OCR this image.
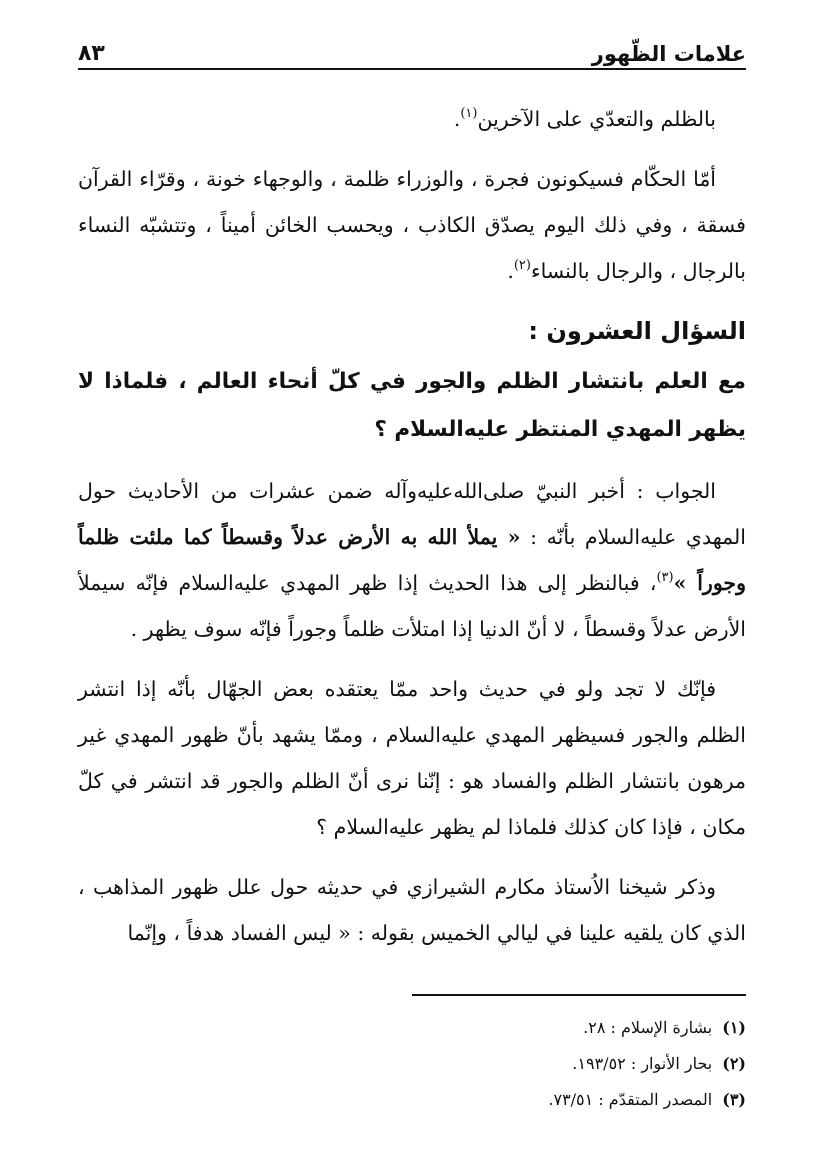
علامات الظّهور
٨٣

بالظلم والتعدّي على الآخرين$^{(١)}$.

أمّا الحكّام فسيكونون فجرة ، والوزراء ظلمة ، والوجهاء خونة ، وقرّاء القرآن فسقة ، وفي ذلك اليوم يصدّق الكاذب ، ويحسب الخائن أميناً ، وتتشبّه النساء بالرجال ، والرجال بالنساء$^{(٢)}$.

السؤال العشرون :

مع العلم بانتشار الظلم والجور في كلّ أنحاء العالم ، فلماذا لا يظهر المهدي المنتظر عليه‌السلام ؟

الجواب : أخبر النبيّ صلى‌الله‌عليه‌وآله ضمن عشرات من الأحاديث حول المهدي عليه‌السلام بأنّه : « يملأ الله به الأرض عدلاً وقسطاً كما ملئت ظلماً وجوراً »$^{(٣)}$، فبالنظر إلى هذا الحديث إذا ظهر المهدي عليه‌السلام فإنّه سيملأ الأرض عدلاً وقسطاً ، لا أنّ الدنيا إذا امتلأت ظلماً وجوراً فإنّه سوف يظهر .

فإنّك لا تجد ولو في حديث واحد ممّا يعتقده بعض الجهّال بأنّه إذا انتشر الظلم والجور فسيظهر المهدي عليه‌السلام ، وممّا يشهد بأنّ ظهور المهدي غير مرهون بانتشار الظلم والفساد هو : إنّنا نرى أنّ الظلم والجور قد انتشر في كلّ مكان ، فإذا كان كذلك فلماذا لم يظهر عليه‌السلام ؟

وذكر شيخنا الاُستاذ مكارم الشيرازي في حديثه حول علل ظهور المذاهب ، الذي كان يلقيه علينا في ليالي الخميس بقوله : « ليس الفساد هدفاً ، وإنّما

(١)
بشارة الإسلام : ٢٨.
(٢)
بحار الأنوار : ١٩٣/٥٢.
(٣)
المصدر المتقدّم : ٧٣/٥١.
